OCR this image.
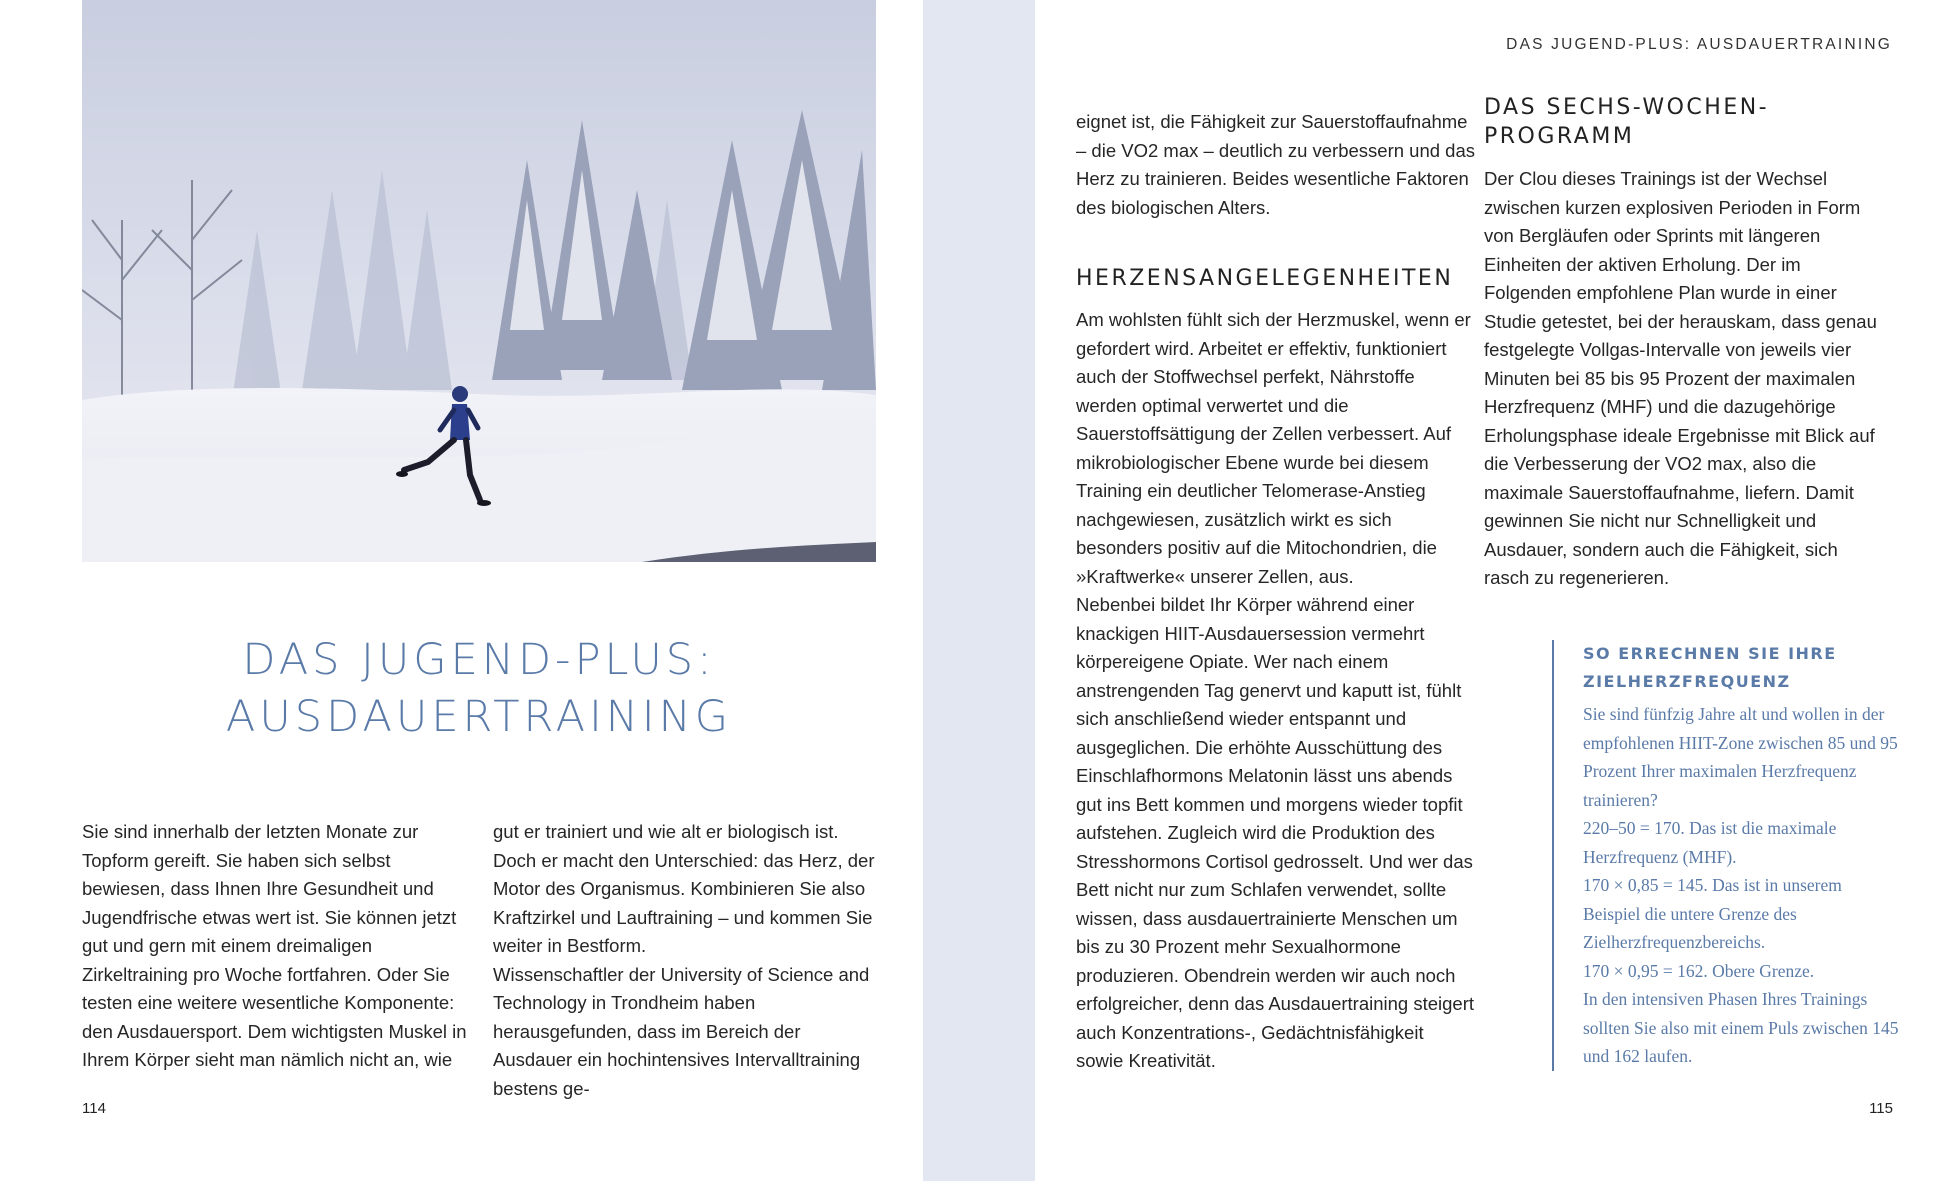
DAS JUGEND-PLUS:
AUSDAUERTRAINING

Sie sind innerhalb der letzten Monate zur Topform gereift. Sie haben sich selbst bewiesen, dass Ihnen Ihre Gesundheit und Jugendfrische etwas wert ist. Sie können jetzt gut und gern mit einem dreimaligen Zirkeltraining pro Woche fortfahren. Oder Sie testen eine weitere wesentliche Komponente: den Ausdauersport. Dem wichtigsten Muskel in Ihrem Körper sieht man nämlich nicht an, wie

gut er trainiert und wie alt er biologisch ist. Doch er macht den Unterschied: das Herz, der Motor des Organismus. Kombinieren Sie also Kraftzirkel und Lauftraining – und kommen Sie weiter in Bestform.

Wissenschaftler der University of Science and Technology in Trondheim haben herausgefunden, dass im Bereich der Ausdauer ein hochintensives Intervalltraining bestens ge-

114

DAS JUGEND-PLUS: AUSDAUERTRAINING

eignet ist, die Fähigkeit zur Sauerstoffaufnahme – die VO2 max – deutlich zu verbessern und das Herz zu trainieren. Beides wesentliche Faktoren des biologischen Alters.

HERZENSANGELEGENHEITEN

Am wohlsten fühlt sich der Herzmuskel, wenn er gefordert wird. Arbeitet er effektiv, funktioniert auch der Stoffwechsel perfekt, Nährstoffe werden optimal verwertet und die Sauerstoffsättigung der Zellen verbessert. Auf mikrobiologischer Ebene wurde bei diesem Training ein deutlicher Telomerase-Anstieg nachgewiesen, zusätzlich wirkt es sich besonders positiv auf die Mitochondrien, die »Kraftwerke« unserer Zellen, aus.

Nebenbei bildet Ihr Körper während einer knackigen HIIT-Ausdauersession vermehrt körpereigene Opiate. Wer nach einem anstrengenden Tag genervt und kaputt ist, fühlt sich anschließend wieder entspannt und ausgeglichen. Die erhöhte Ausschüttung des Einschlafhormons Melatonin lässt uns abends gut ins Bett kommen und morgens wieder topfit aufstehen. Zugleich wird die Produktion des Stresshormons Cortisol gedrosselt. Und wer das Bett nicht nur zum Schlafen verwendet, sollte wissen, dass ausdauertrainierte Menschen um bis zu 30 Prozent mehr Sexualhormone produzieren. Obendrein werden wir auch noch erfolgreicher, denn das Ausdauertraining steigert auch Konzentrations-, Gedächtnisfähigkeit sowie Kreativität.

DAS SECHS-WOCHEN-
PROGRAMM

Der Clou dieses Trainings ist der Wechsel zwischen kurzen explosiven Perioden in Form von Bergläufen oder Sprints mit längeren Einheiten der aktiven Erholung. Der im Folgenden empfohlene Plan wurde in einer Studie getestet, bei der herauskam, dass genau festgelegte Vollgas-Intervalle von jeweils vier Minuten bei 85 bis 95 Prozent der maximalen Herzfrequenz (MHF) und die dazugehörige Erholungsphase ideale Ergebnisse mit Blick auf die Verbesserung der VO2 max, also die maximale Sauerstoffaufnahme, liefern. Damit gewinnen Sie nicht nur Schnelligkeit und Ausdauer, sondern auch die Fähigkeit, sich rasch zu regenerieren.

SO ERRECHNEN SIE IHRE
ZIELHERZFREQUENZ

Sie sind fünfzig Jahre alt und wollen in der empfohlenen HIIT-Zone zwischen 85 und 95 Prozent Ihrer maximalen Herzfrequenz trainieren?

220–50 = 170. Das ist die maximale Herzfrequenz (MHF).

170 × 0,85 = 145. Das ist in unserem Beispiel die untere Grenze des Zielherzfrequenzbereichs.

170 × 0,95 = 162. Obere Grenze.

In den intensiven Phasen Ihres Trainings sollten Sie also mit einem Puls zwischen 145 und 162 laufen.

115
